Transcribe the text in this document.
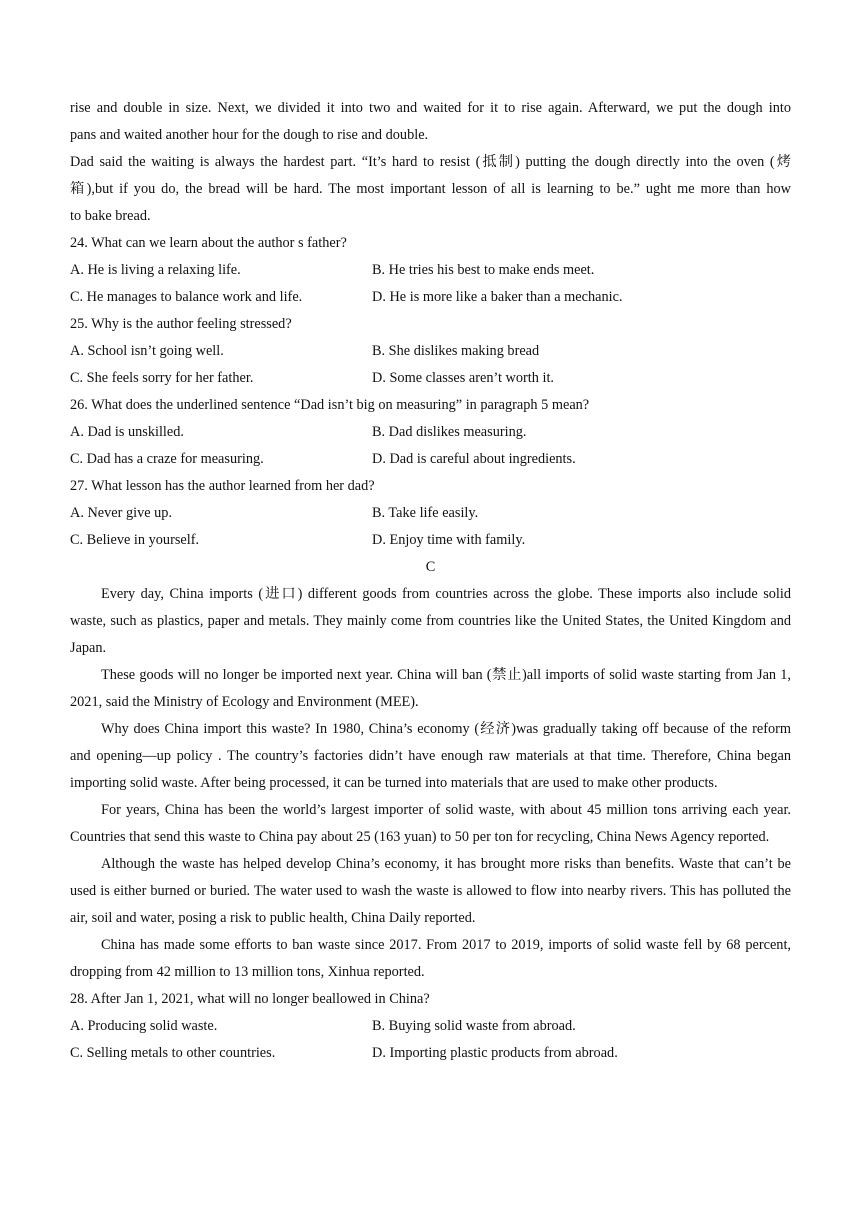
rise and double in size. Next, we divided it into two and waited for it to rise again. Afterward, we put the dough into
pans and waited another hour for the dough to rise and double.
Dad said the waiting is always the hardest part. “It’s hard to resist (抵制) putting the dough directly into the oven (烤
箱),but if you do, the bread will be hard. The most important lesson of all is learning to be.” ught me more than how
to bake bread.
24. What can we learn about the author s father?
A. He is living a relaxing life.	B. He tries his best to make ends meet.
C. He manages to balance work and life.	D. He is more like a baker than a mechanic.
25. Why is the author feeling stressed?
A. School isn’t going well.	B. She dislikes making bread
C. She feels sorry for her father.	D. Some classes aren’t worth it.
26. What does the underlined sentence “Dad isn’t big on measuring” in paragraph 5 mean?
A. Dad is unskilled.	B. Dad dislikes measuring.
C. Dad has a craze for measuring.	D. Dad is careful about ingredients.
27. What lesson has the author learned from her dad?
A. Never give up.	B. Take life easily.
C. Believe in yourself.	D. Enjoy time with family.
C
Every day, China imports (进口) different goods from countries across the globe. These imports also include solid waste, such as plastics, paper and metals. They mainly come from countries like the United States, the United Kingdom and Japan.
These goods will no longer be imported next year. China will ban (禁止)all imports of solid waste starting from Jan 1, 2021, said the Ministry of Ecology and Environment (MEE).
Why does China import this waste? In 1980, China’s economy (经济)was gradually taking off because of the reform and opening—up policy . The country’s factories didn’t have enough raw materials at that time. Therefore, China began importing solid waste. After being processed, it can be turned into materials that are used to make other products.
For years, China has been the world’s largest importer of solid waste, with about 45 million tons arriving each year. Countries that send this waste to China pay about 25 (163 yuan) to 50 per ton for recycling, China News Agency reported.
Although the waste has helped develop China’s economy, it has brought more risks than benefits. Waste that can’t be used is either burned or buried. The water used to wash the waste is allowed to flow into nearby rivers. This has polluted the air, soil and water, posing a risk to public health, China Daily reported.
China has made some efforts to ban waste since 2017. From 2017 to 2019, imports of solid waste fell by 68 percent, dropping from 42 million to 13 million tons, Xinhua reported.
28. After Jan 1, 2021, what will no longer beallowed in China?
A. Producing solid waste.	B. Buying solid waste from abroad.
C. Selling metals to other countries.	D. Importing plastic products from abroad.
